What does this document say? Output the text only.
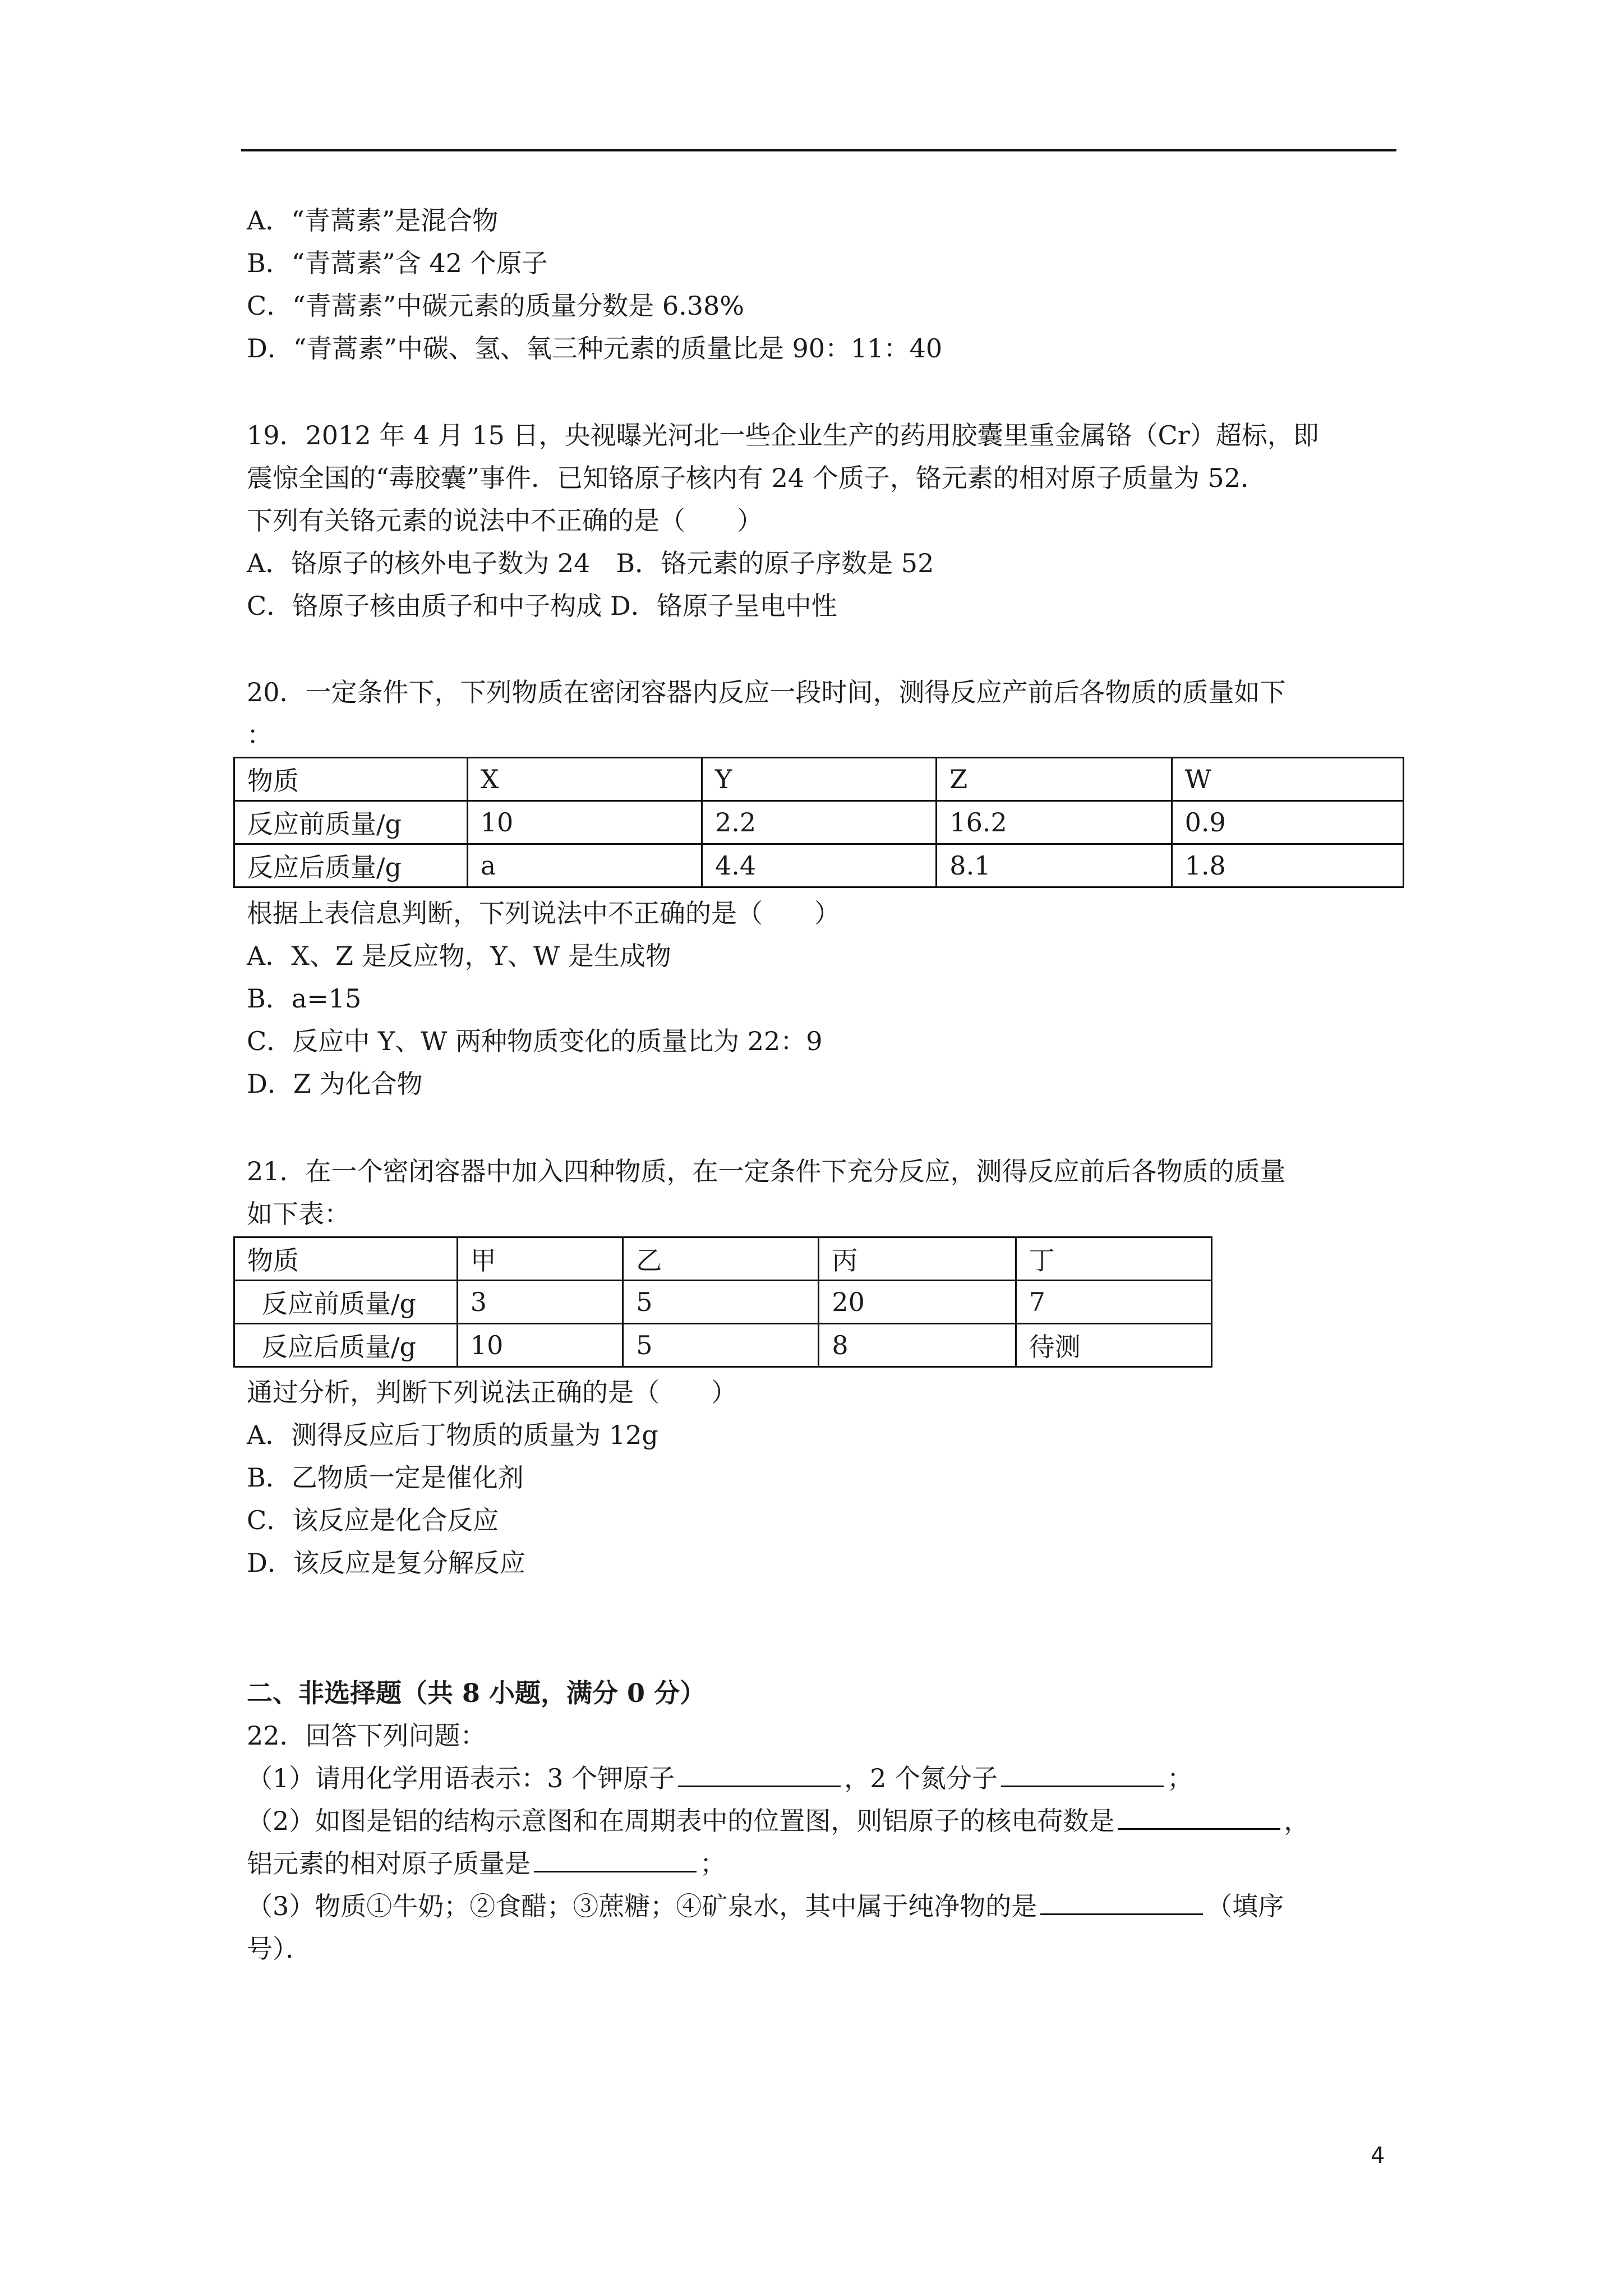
A．“青蒿素”是混合物
B．“青蒿素”含 42 个原子
C．“青蒿素”中碳元素的质量分数是 6.38%
D．“青蒿素”中碳、氢、氧三种元素的质量比是 90：11：40
19．2012 年 4 月 15 日，央视曝光河北一些企业生产的药用胶囊里重金属铬（Cr）超标，即
震惊全国的“毒胶囊”事件．已知铬原子核内有 24 个质子，铬元素的相对原子质量为 52．
下列有关铬元素的说法中不正确的是（　　）
A．铬原子的核外电子数为 24　B．铬元素的原子序数是 52
C．铬原子核由质子和中子构成 D．铬原子呈电中性
20．一定条件下，下列物质在密闭容器内反应一段时间，测得反应产前后各物质的质量如下
：
物质	X	Y	Z	W
反应前质量/g	10	2.2	16.2	0.9
反应后质量/g	a	4.4	8.1	1.8
根据上表信息判断，下列说法中不正确的是（　　）
A．X、Z 是反应物，Y、W 是生成物
B．a=15
C．反应中 Y、W 两种物质变化的质量比为 22：9
D．Z 为化合物
21．在一个密闭容器中加入四种物质，在一定条件下充分反应，测得反应前后各物质的质量
如下表：
物质	甲	乙	丙	丁
反应前质量/g	3	5	20	7
反应后质量/g	10	5	8	待测
通过分析，判断下列说法正确的是（　　）
A．测得反应后丁物质的质量为 12g
B．乙物质一定是催化剂
C．该反应是化合反应
D．该反应是复分解反应
二、非选择题（共 8 小题，满分 0 分）
22．回答下列问题：
（1）请用化学用语表示：3 个钾原子	，2 个氮分子	；
（2）如图是铝的结构示意图和在周期表中的位置图，则铝原子的核电荷数是	，
铝元素的相对原子质量是	；
（3）物质①牛奶；②食醋；③蔗糖；④矿泉水，其中属于纯净物的是	（填序
号）．
4
